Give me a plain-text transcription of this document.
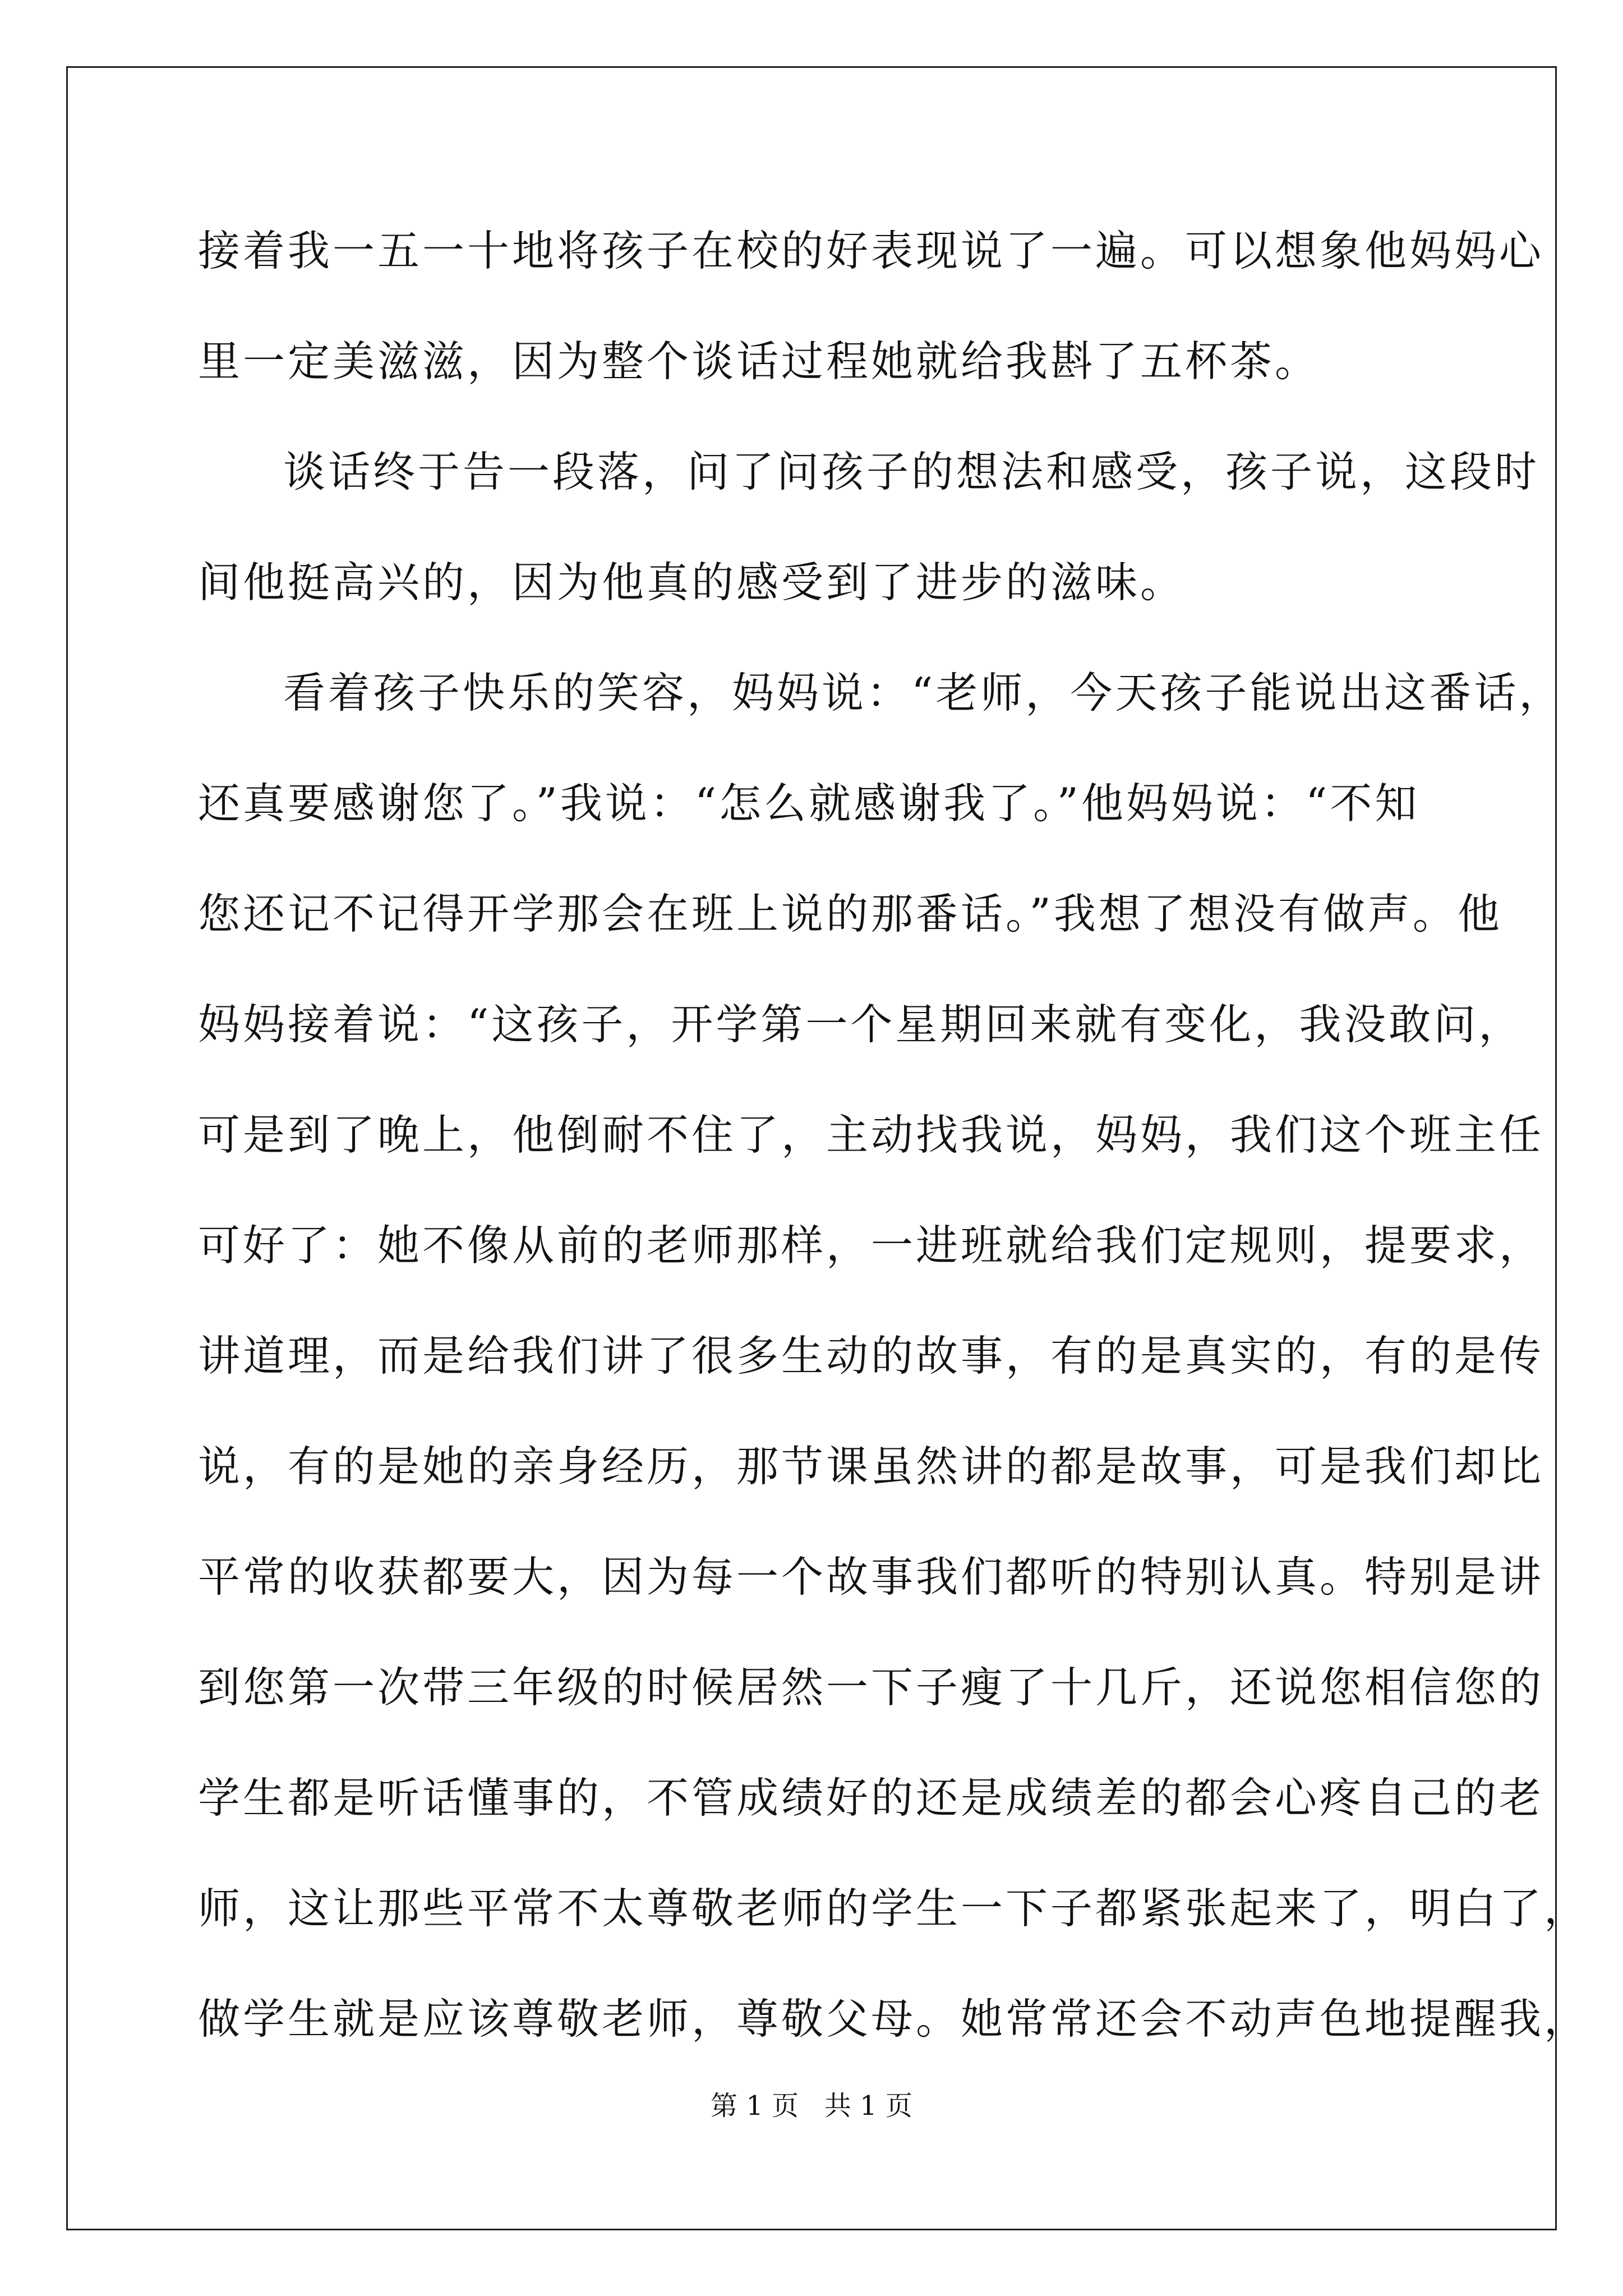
接着我一五一十地将孩子在校的好表现说了一遍。可以想象他妈妈心
里一定美滋滋，因为整个谈话过程她就给我斟了五杯茶。
谈话终于告一段落，问了问孩子的想法和感受，孩子说，这段时
间他挺高兴的，因为他真的感受到了进步的滋味。
看着孩子快乐的笑容，妈妈说：“老师，今天孩子能说出这番话，
还真要感谢您了。”我说：“怎么就感谢我了。”他妈妈说：“不知
您还记不记得开学那会在班上说的那番话。”我想了想没有做声。他
妈妈接着说：“这孩子，开学第一个星期回来就有变化，我没敢问，
可是到了晚上，他倒耐不住了，主动找我说，妈妈，我们这个班主任
可好了：她不像从前的老师那样，一进班就给我们定规则，提要求，
讲道理，而是给我们讲了很多生动的故事，有的是真实的，有的是传
说，有的是她的亲身经历，那节课虽然讲的都是故事，可是我们却比
平常的收获都要大，因为每一个故事我们都听的特别认真。特别是讲
到您第一次带三年级的时候居然一下子瘦了十几斤，还说您相信您的
学生都是听话懂事的，不管成绩好的还是成绩差的都会心疼自己的老
师，这让那些平常不太尊敬老师的学生一下子都紧张起来了，明白了，
做学生就是应该尊敬老师，尊敬父母。她常常还会不动声色地提醒我，
第 1 页   共 1 页
